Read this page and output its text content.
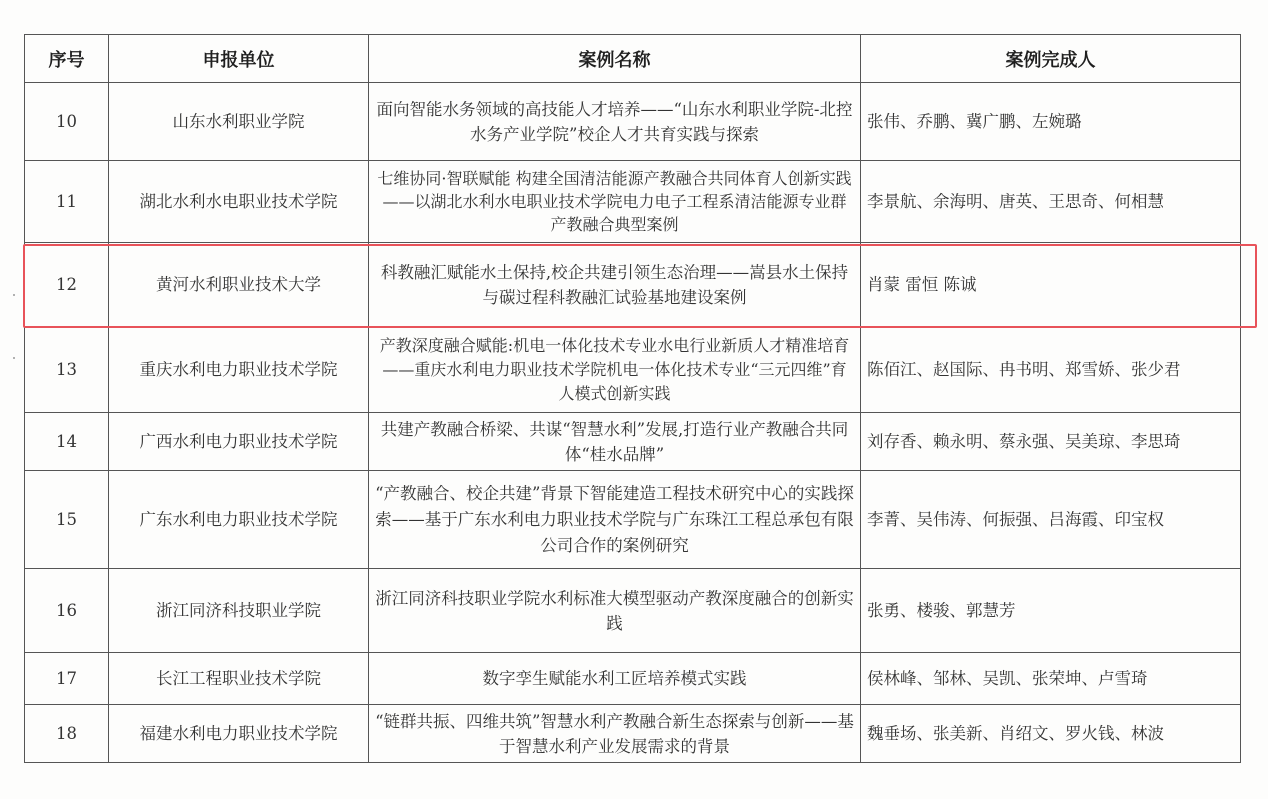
序号	申报单位	案例名称	案例完成人
10	山东水利职业学院	面向智能水务领域的高技能人才培养——“山东水利职业学院-北控水务产业学院”校企人才共育实践与探索	张伟、乔鹏、冀广鹏、左婉璐
11	湖北水利水电职业技术学院	七维协同·智联赋能 构建全国清洁能源产教融合共同体育人创新实践——以湖北水利水电职业技术学院电力电子工程系清洁能源专业群产教融合典型案例	李景航、余海明、唐英、王思奇、何相慧
12	黄河水利职业技术大学	科教融汇赋能水土保持,校企共建引领生态治理——嵩县水土保持与碳过程科教融汇试验基地建设案例	肖蒙 雷恒 陈诚
13	重庆水利电力职业技术学院	产教深度融合赋能:机电一体化技术专业水电行业新质人才精准培育——重庆水利电力职业技术学院机电一体化技术专业“三元四维”育人模式创新实践	陈佰江、赵国际、冉书明、郑雪娇、张少君
14	广西水利电力职业技术学院	共建产教融合桥梁、共谋“智慧水利”发展,打造行业产教融合共同体“桂水品牌”	刘存香、赖永明、蔡永强、吴美琼、李思琦
15	广东水利电力职业技术学院	“产教融合、校企共建”背景下智能建造工程技术研究中心的实践探索——基于广东水利电力职业技术学院与广东珠江工程总承包有限公司合作的案例研究	李菁、吴伟涛、何振强、吕海霞、印宝权
16	浙江同济科技职业学院	浙江同济科技职业学院水利标准大模型驱动产教深度融合的创新实践	张勇、楼骏、郭慧芳
17	长江工程职业技术学院	数字孪生赋能水利工匠培养模式实践	侯林峰、邹林、吴凯、张荣坤、卢雪琦
18	福建水利电力职业技术学院	“链群共振、四维共筑”智慧水利产教融合新生态探索与创新——基于智慧水利产业发展需求的背景	魏垂场、张美新、肖绍文、罗火钱、林波
